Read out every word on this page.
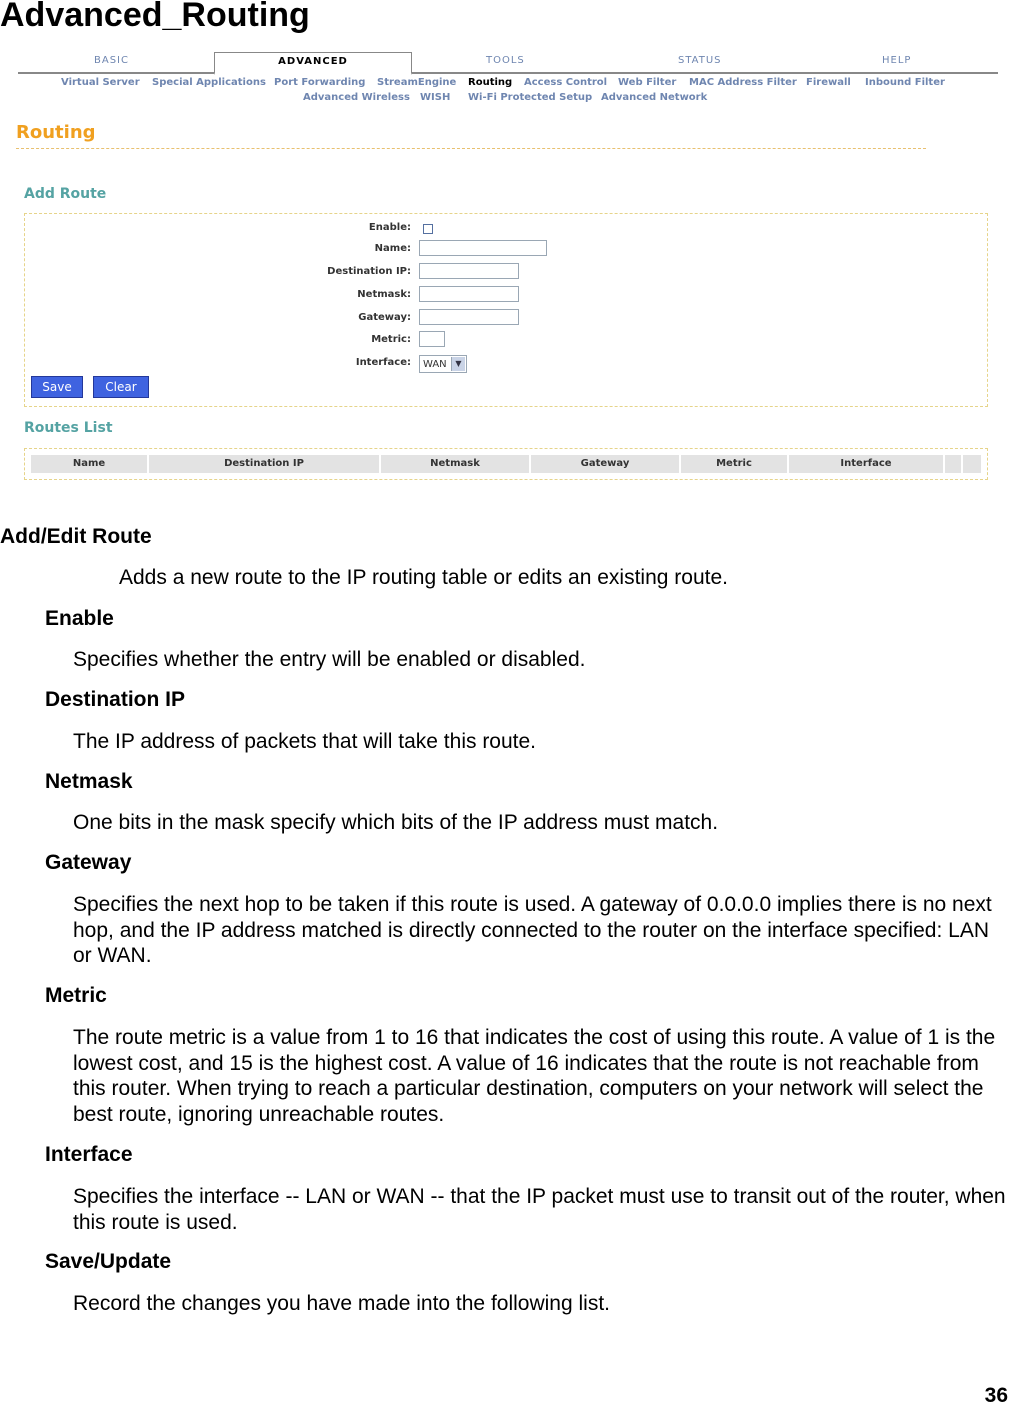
Advanced_Routing
BASIC	ADVANCED	TOOLS	STATUS	HELP
Virtual Server Special Applications Port Forwarding StreamEngine Routing Access Control Web Filter MAC Address Filter Firewall Inbound Filter
Advanced Wireless WISH Wi-Fi Protected Setup Advanced Network
Routing
Add Route
Enable:
Name:
Destination IP:
Netmask:
Gateway:
Metric:
Interface: WAN	▼
Save	Clear
Routes List
Name	Destination IP	Netmask	Gateway	Metric	Interface
Add/Edit Route
Adds a new route to the IP routing table or edits an existing route.
Enable
Specifies whether the entry will be enabled or disabled.
Destination IP
The IP address of packets that will take this route.
Netmask
One bits in the mask specify which bits of the IP address must match.
Gateway
Specifies the next hop to be taken if this route is used. A gateway of 0.0.0.0 implies there is no next hop, and the IP address matched is directly connected to the router on the interface specified: LAN or WAN.
Metric
The route metric is a value from 1 to 16 that indicates the cost of using this route. A value of 1 is the lowest cost, and 15 is the highest cost. A value of 16 indicates that the route is not reachable from this router. When trying to reach a particular destination, computers on your network will select the best route, ignoring unreachable routes.
Interface
Specifies the interface -- LAN or WAN -- that the IP packet must use to transit out of the router, when this route is used.
Save/Update
Record the changes you have made into the following list.
36
